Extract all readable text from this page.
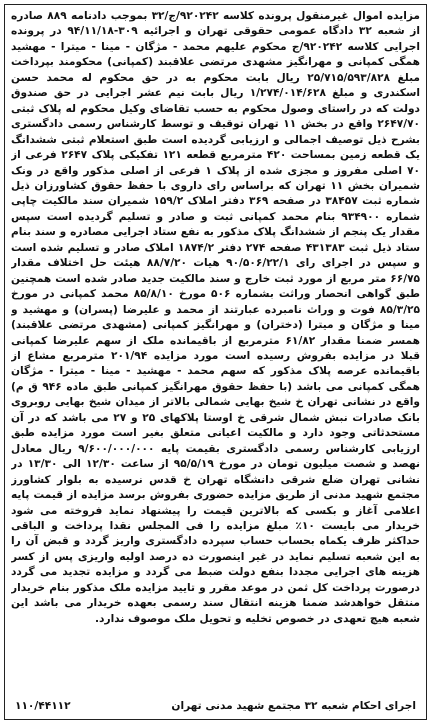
مزایده اموال غیرمنقول پرونده کلاسه ۹۲۰۲۴۲/ج/۳۲ بموجب دادنامه ۸۸۹ صادره از شعبه ۳۲ دادگاه عمومی حقوقی تهران و اجرائیه ۳۰۹-۹۴/۱۱/۱۸ در پرونده اجرایی کلاسه ۹۲۰۲۴۲/ج محکوم علیهم محمد - مژگان - مینا - میترا - مهشید همگی کمپانی و مهرانگیز مشهدی مرتضی علاقبند (کمپانی) محکومند بپرداخت مبلغ ۲۵/۷۱۵/۵۹۳/۸۲۸ ریال بابت محکوم به در حق محکوم له محمد حسن اسکندری و مبلغ ۱/۲۷۴/۰۱۴/۶۲۸ ریال بابت نیم عشر اجرایی در حق صندوق دولت که در راستای وصول محکوم به حسب تقاضای وکیل محکوم له پلاک ثبتی ۲۶۴۷/۷۰ واقع در بخش ۱۱ تهران توقیف و توسط کارشناس رسمی دادگستری بشرح ذیل توصیف اجمالی و ارزیابی گردیده است طبق استعلام ثبتی ششدانگ یک قطعه زمین بمساحت ۴۲۰ مترمربع قطعه ۱۲۱ تفکیکی پلاک ۲۶۴۷ فرعی از ۷۰ اصلی مفروز و مجزی شده از پلاک ۱ فرعی از اصلی مذکور واقع در ونک شمیران بخش ۱۱ تهران که براساس رای داروی با حفظ حقوق کشاورزان ذیل شماره ثبت ۳۸۴۵۷ در صفحه ۳۶۹ دفتر املاک ۱۵۹/۲ شمیران سند مالکیت چاپی شماره ۹۳۴۹۰۰ بنام محمد کمپانی ثبت و صادر و تسلیم گردیده است سپس مقدار یک پنجم از ششدانگ پلاک مذکور به نفع ستاد اجرایی مصادره و سند بنام ستاد ذیل ثبت ۴۳۱۳۸۳ صفحه ۲۷۴ دفتر ۱۸۷۴/۲ املاک صادر و تسلیم شده است و سپس در اجرای رای ۹۰/۵۰۶/۲۲/۱ هیات ۸۸/۷/۲۰ هیئت حل اختلاف مقدار ۶۶/۷۵ متر مربع از مورد ثبت خارج و سند مالکیت جدید صادر شده است همچنین طبق گواهی انحصار وراثت بشماره ۵۰۶ مورخ ۸۵/۸/۱۰ محمد کمپانی در مورخ ۸۵/۳/۲۵ فوت و وراث نامبرده عبارتند از محمد و علیرضا (پسران) و مهشید و مینا و مژگان و میترا (دختران) و مهرانگیز کمپانی (مشهدی مرتضی علاقبند) همسر ضمنا مقدار ۶۱/۸۲ مترمربع از باقیمانده ملک از سهم علیرضا کمپانی قبلا در مزایده بفروش رسیده است مورد مزایده ۲۰۱/۹۴ مترمربع مشاع از باقیمانده عرصه پلاک مذکور که سهم محمد - مهشید - مینا - میترا - مژگان همگی کمپانی می باشد (با حفظ حقوق مهرانگیز کمپانی طبق ماده ۹۴۶ ق م) واقع در نشانی تهران خ شیخ بهایی شمالی بالاتر از میدان شیخ بهایی روبروی بانک صادرات نبش شمال شرقی خ اوستا پلاکهای ۲۵ و ۲۷ می باشد که در آن مستحدثاتی وجود دارد و مالکیت اعیانی متعلق بغیر است مورد مزایده طبق ارزیابی کارشناس رسمی دادگستری بقیمت پایه ۹/۶۰۰/۰۰۰/۰۰۰ ریال معادل نهصد و شصت میلیون تومان در مورخ ۹۵/۵/۱۹ از ساعت ۱۲/۳۰ الی ۱۳/۳۰ در نشانی تهران ضلع شرقی دانشگاه تهران خ قدس نرسیده به بلوار کشاورز مجتمع شهید مدنی از طریق مزایده حضوری بفروش برسد مزایده از قیمت پایه اعلامی آغاز و بکسی که بالاترین قیمت را پیشنهاد نماید فروخته می شود خریدار می بایست ۱۰٪ مبلغ مزایده را فی المجلس نقدا پرداخت و الباقی حداکثر ظرف یکماه بحساب حساب سپرده دادگستری واریز گردد و قبض آن را به این شعبه تسلیم نماید در غیر اینصورت ده درصد اولیه واریزی پس از کسر هزینه های اجرایی مجددا بنفع دولت ضبط می گردد و مزایده تجدید می گردد درصورت پرداخت کل ثمن در موعد مقرر و تایید مزایده ملک مذکور بنام خریدار منتقل خواهدشد ضمنا هزینه انتقال سند رسمی بعهده خریدار می باشد این شعبه هیچ تعهدی در خصوص تخلیه و تحویل ملک موصوف ندارد.
اجرای احکام شعبه ۳۲ مجتمع شهید مدنی تهران
۱۱۰/۴۴۱۱۲
